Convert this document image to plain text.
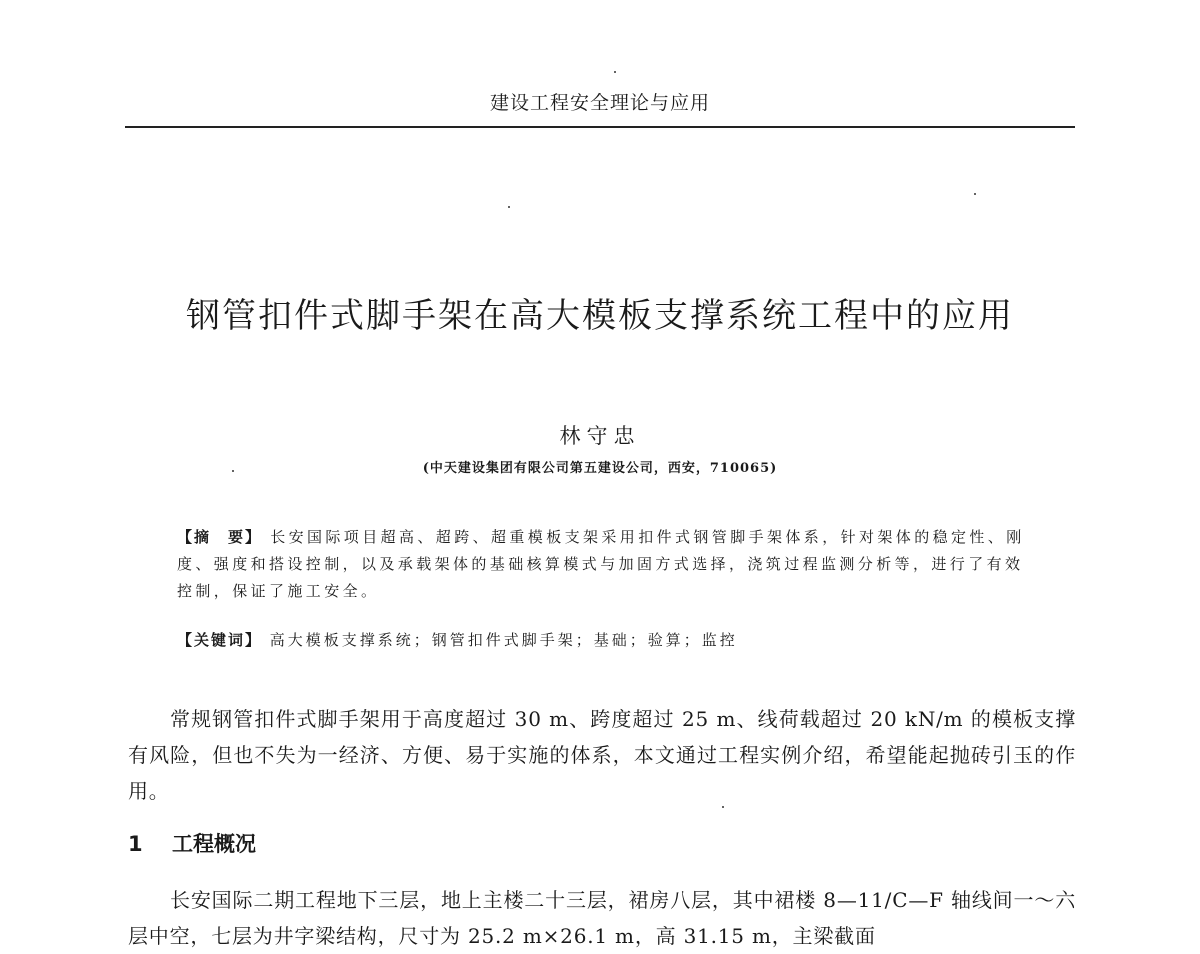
建设工程安全理论与应用
钢管扣件式脚手架在高大模板支撑系统工程中的应用
林守忠
(中天建设集团有限公司第五建设公司，西安，710065)
【摘　要】 长安国际项目超高、超跨、超重模板支架采用扣件式钢管脚手架体系，针对架体的稳定性、刚度、强度和搭设控制，以及承载架体的基础核算模式与加固方式选择，浇筑过程监测分析等，进行了有效控制，保证了施工安全。
【关键词】 高大模板支撑系统；钢管扣件式脚手架；基础；验算；监控

常规钢管扣件式脚手架用于高度超过 30 m、跨度超过 25 m、线荷载超过 20 kN/m 的模板支撑有风险，但也不失为一经济、方便、易于实施的体系，本文通过工程实例介绍，希望能起抛砖引玉的作用。

1 工程概况

长安国际二期工程地下三层，地上主楼二十三层，裙房八层，其中裙楼 8—11/C—F 轴线间一～六层中空，七层为井字梁结构，尺寸为 25.2 m×26.1 m，高 31.15 m，主梁截面
